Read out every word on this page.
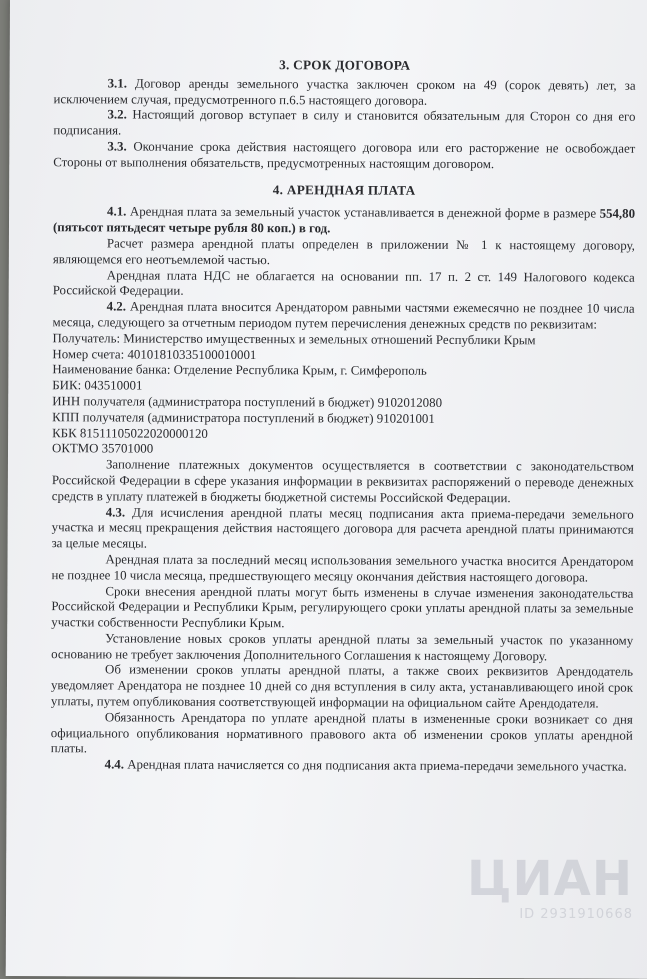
3. СРОК ДОГОВОРА

3.1. Договор аренды земельного участка заключен сроком на 49 (сорок девять) лет, за исключением случая, предусмотренного п.6.5 настоящего договора.

3.2. Настоящий договор вступает в силу и становится обязательным для Сторон со дня его подписания.

3.3. Окончание срока действия настоящего договора или его расторжение не освобождает Стороны от выполнения обязательств, предусмотренных настоящим договором.

4. АРЕНДНАЯ ПЛАТА

4.1. Арендная плата за земельный участок устанавливается в денежной форме в размере 554,80 (пятьсот пятьдесят четыре рубля 80 коп.) в год.

Расчет размера арендной платы определен в приложении № 1 к настоящему договору, являющемся его неотъемлемой частью.

Арендная плата НДС не облагается на основании пп. 17 п. 2 ст. 149 Налогового кодекса Российской Федерации.

4.2. Арендная плата вносится Арендатором равными частями ежемесячно не позднее 10 числа месяца, следующего за отчетным периодом путем перечисления денежных средств по реквизитам:

Получатель: Министерство имущественных и земельных отношений Республики Крым

Номер счета: 40101810335100010001

Наименование банка: Отделение Республика Крым, г. Симферополь

БИК: 043510001

ИНН получателя (администратора поступлений в бюджет) 9102012080

КПП получателя (администратора поступлений в бюджет) 910201001

КБК 81511105022020000120

ОКТМО 35701000

Заполнение платежных документов осуществляется в соответствии с законодательством Российской Федерации в сфере указания информации в реквизитах распоряжений о переводе денежных средств в уплату платежей в бюджеты бюджетной системы Российской Федерации.

4.3. Для исчисления арендной платы месяц подписания акта приема-передачи земельного участка и месяц прекращения действия настоящего договора для расчета арендной платы принимаются за целые месяцы.

Арендная плата за последний месяц использования земельного участка вносится Арендатором не позднее 10 числа месяца, предшествующего месяцу окончания действия настоящего договора.

Сроки внесения арендной платы могут быть изменены в случае изменения законодательства Российской Федерации и Республики Крым, регулирующего сроки уплаты арендной платы за земельные участки собственности Республики Крым.

Установление новых сроков уплаты арендной платы за земельный участок по указанному основанию не требует заключения Дополнительного Соглашения к настоящему Договору.

Об изменении сроков уплаты арендной платы, а также своих реквизитов Арендодатель уведомляет Арендатора не позднее 10 дней со дня вступления в силу акта, устанавливающего иной срок уплаты, путем опубликования соответствующей информации на официальном сайте Арендодателя.

Обязанность Арендатора по уплате арендной платы в измененные сроки возникает со дня официального опубликования нормативного правового акта об изменении сроков уплаты арендной платы.

4.4. Арендная плата начисляется со дня подписания акта приема-передачи земельного участка.

ЦИАН
ID 2931910668
